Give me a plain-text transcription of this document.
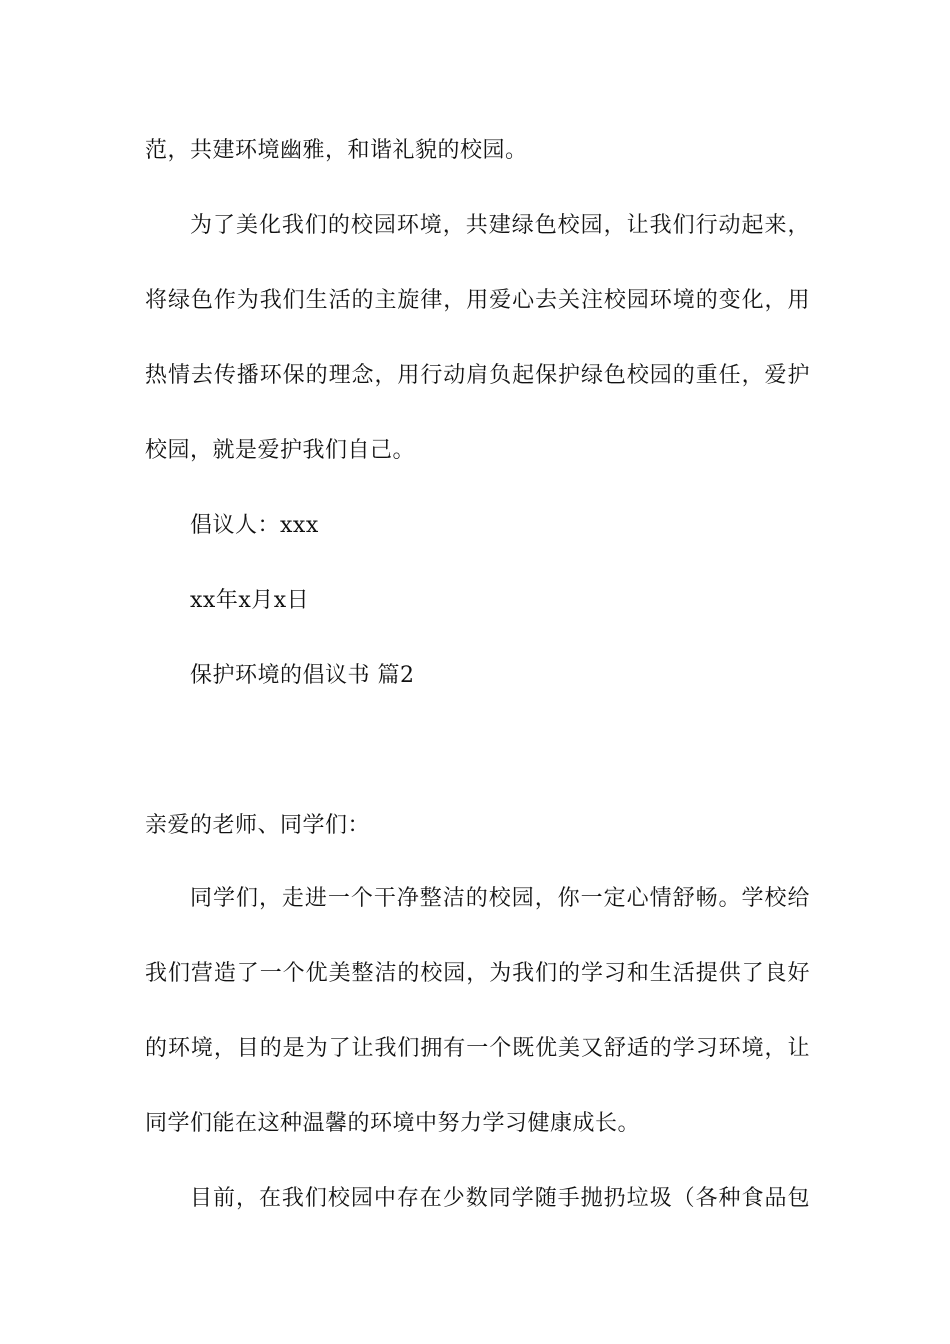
范，共建环境幽雅，和谐礼貌的校园。
为了美化我们的校园环境，共建绿色校园，让我们行动起来，
将绿色作为我们生活的主旋律，用爱心去关注校园环境的变化，用
热情去传播环保的理念，用行动肩负起保护绿色校园的重任，爱护
校园，就是爱护我们自己。
倡议人：xxx
xx年x月x日
保护环境的倡议书 篇2
亲爱的老师、同学们：
同学们，走进一个干净整洁的校园，你一定心情舒畅。学校给
我们营造了一个优美整洁的校园，为我们的学习和生活提供了良好
的环境，目的是为了让我们拥有一个既优美又舒适的学习环境，让
同学们能在这种温馨的环境中努力学习健康成长。
目前，在我们校园中存在少数同学随手抛扔垃圾（各种食品包
